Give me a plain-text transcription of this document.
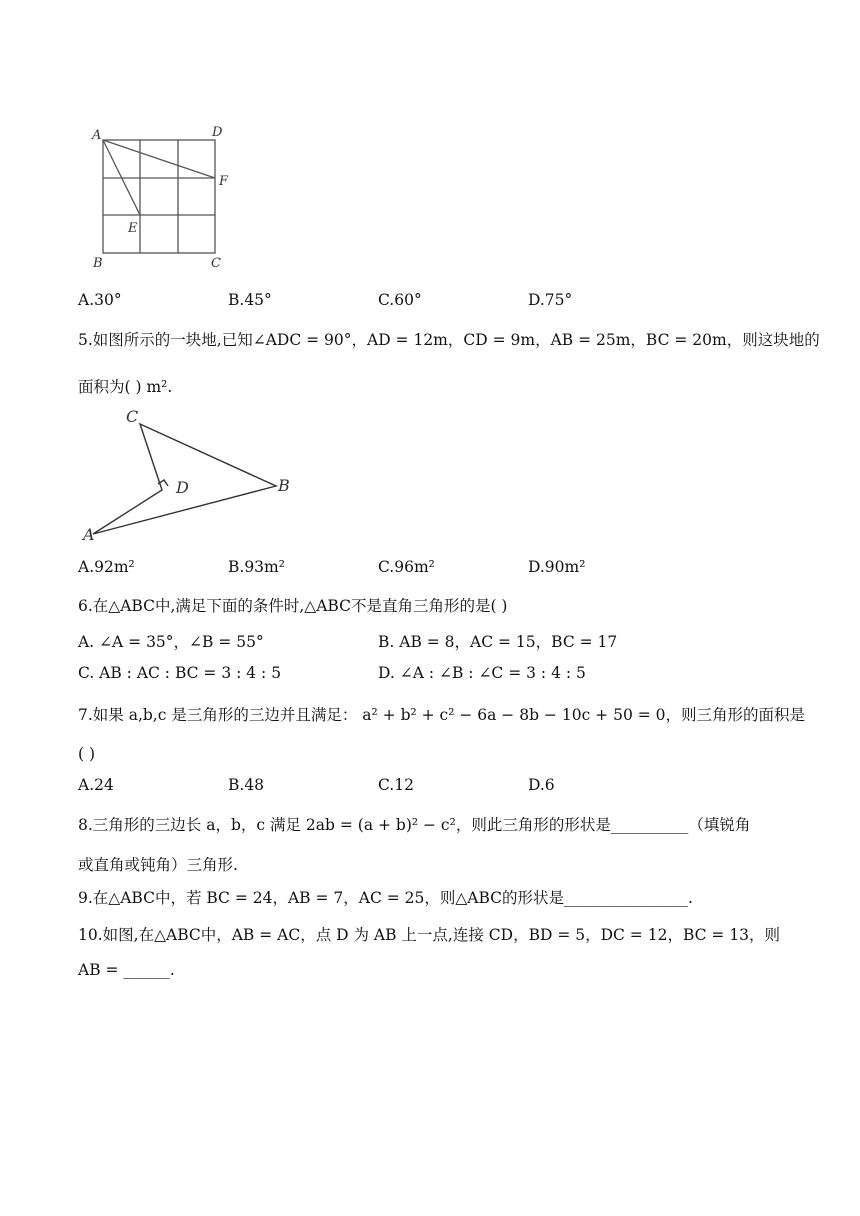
A	D
F
E
B	C
A.30°	B.45°	C.60°	D.75°
5.如图所示的一块地,已知∠ADC = 90°，AD = 12m，CD = 9m，AB = 25m，BC = 20m，则这块地的
面积为( ) m².
C
D	B
A
A.92m²	B.93m²	C.96m²	D.90m²
6.在△ABC中,满足下面的条件时,△ABC不是直角三角形的是( )
A. ∠A = 35°，∠B = 55°	B. AB = 8，AC = 15，BC = 17
C. AB : AC : BC = 3 : 4 : 5	D. ∠A : ∠B : ∠C = 3 : 4 : 5
7.如果 a,b,c 是三角形的三边并且满足： a² + b² + c² − 6a − 8b − 10c + 50 = 0，则三角形的面积是
( )
A.24	B.48	C.12	D.6
8.三角形的三边长 a，b，c 满足 2ab = (a + b)² − c²，则此三角形的形状是__________（填锐角
或直角或钝角）三角形.
9.在△ABC中，若 BC = 24，AB = 7，AC = 25，则△ABC的形状是________________.
10.如图,在△ABC中，AB = AC，点 D 为 AB 上一点,连接 CD，BD = 5，DC = 12，BC = 13，则
AB = ______.
